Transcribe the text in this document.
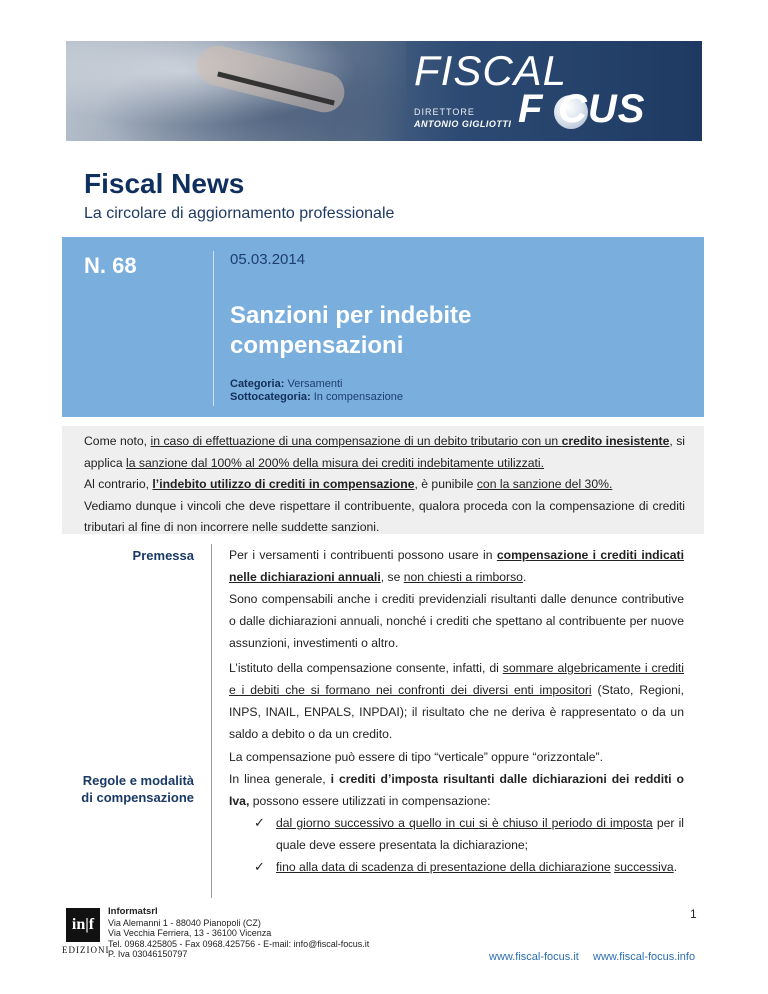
FISCAL
F CUS
DIRETTORE
ANTONIO GIGLIOTTI
Fiscal News
La circolare di aggiornamento professionale
N. 68	05.03.2014
Sanzioni per indebite compensazioni
Categoria: Versamenti
Sottocategoria: In compensazione

Come noto, in caso di effettuazione di una compensazione di un debito tributario con un credito inesistente, si applica la sanzione dal 100% al 200% della misura dei crediti indebitamente utilizzati.

Al contrario, l’indebito utilizzo di crediti in compensazione, è punibile con la sanzione del 30%.

Vediamo dunque i vincoli che deve rispettare il contribuente, qualora proceda con la compensazione di crediti tributari al fine di non incorrere nelle suddette sanzioni.

Premessa
Regole e modalità di compensazione

Per i versamenti i contribuenti possono usare in compensazione i crediti indicati nelle dichiarazioni annuali, se non chiesti a rimborso.

Sono compensabili anche i crediti previdenziali risultanti dalle denunce contributive o dalle dichiarazioni annuali, nonché i crediti che spettano al contribuente per nuove assunzioni, investimenti o altro.

L’istituto della compensazione consente, infatti, di sommare algebricamente i crediti e i debiti che si formano nei confronti dei diversi enti impositori (Stato, Regioni, INPS, INAIL, ENPALS, INPDAI); il risultato che ne deriva è rappresentato o da un saldo a debito o da un credito.

La compensazione può essere di tipo “verticale” oppure “orizzontale”.

In linea generale, i crediti d’imposta risultanti dalle dichiarazioni dei redditi o Iva, possono essere utilizzati in compensazione:

✓ dal giorno successivo a quello in cui si è chiuso il periodo di imposta per il quale deve essere presentata la dichiarazione;
✓ fino alla data di scadenza di presentazione della dichiarazione successiva.
in|f
EDIZIONI
Informatsrl
Via Alemanni 1 - 88040 Pianopoli (CZ)
Via Vecchia Ferriera, 13 - 36100 Vicenza
Tel. 0968.425805 - Fax 0968.425756 - E-mail: info@fiscal-focus.it
P. Iva 03046150797
1
www.fiscal-focus.it www.fiscal-focus.info
